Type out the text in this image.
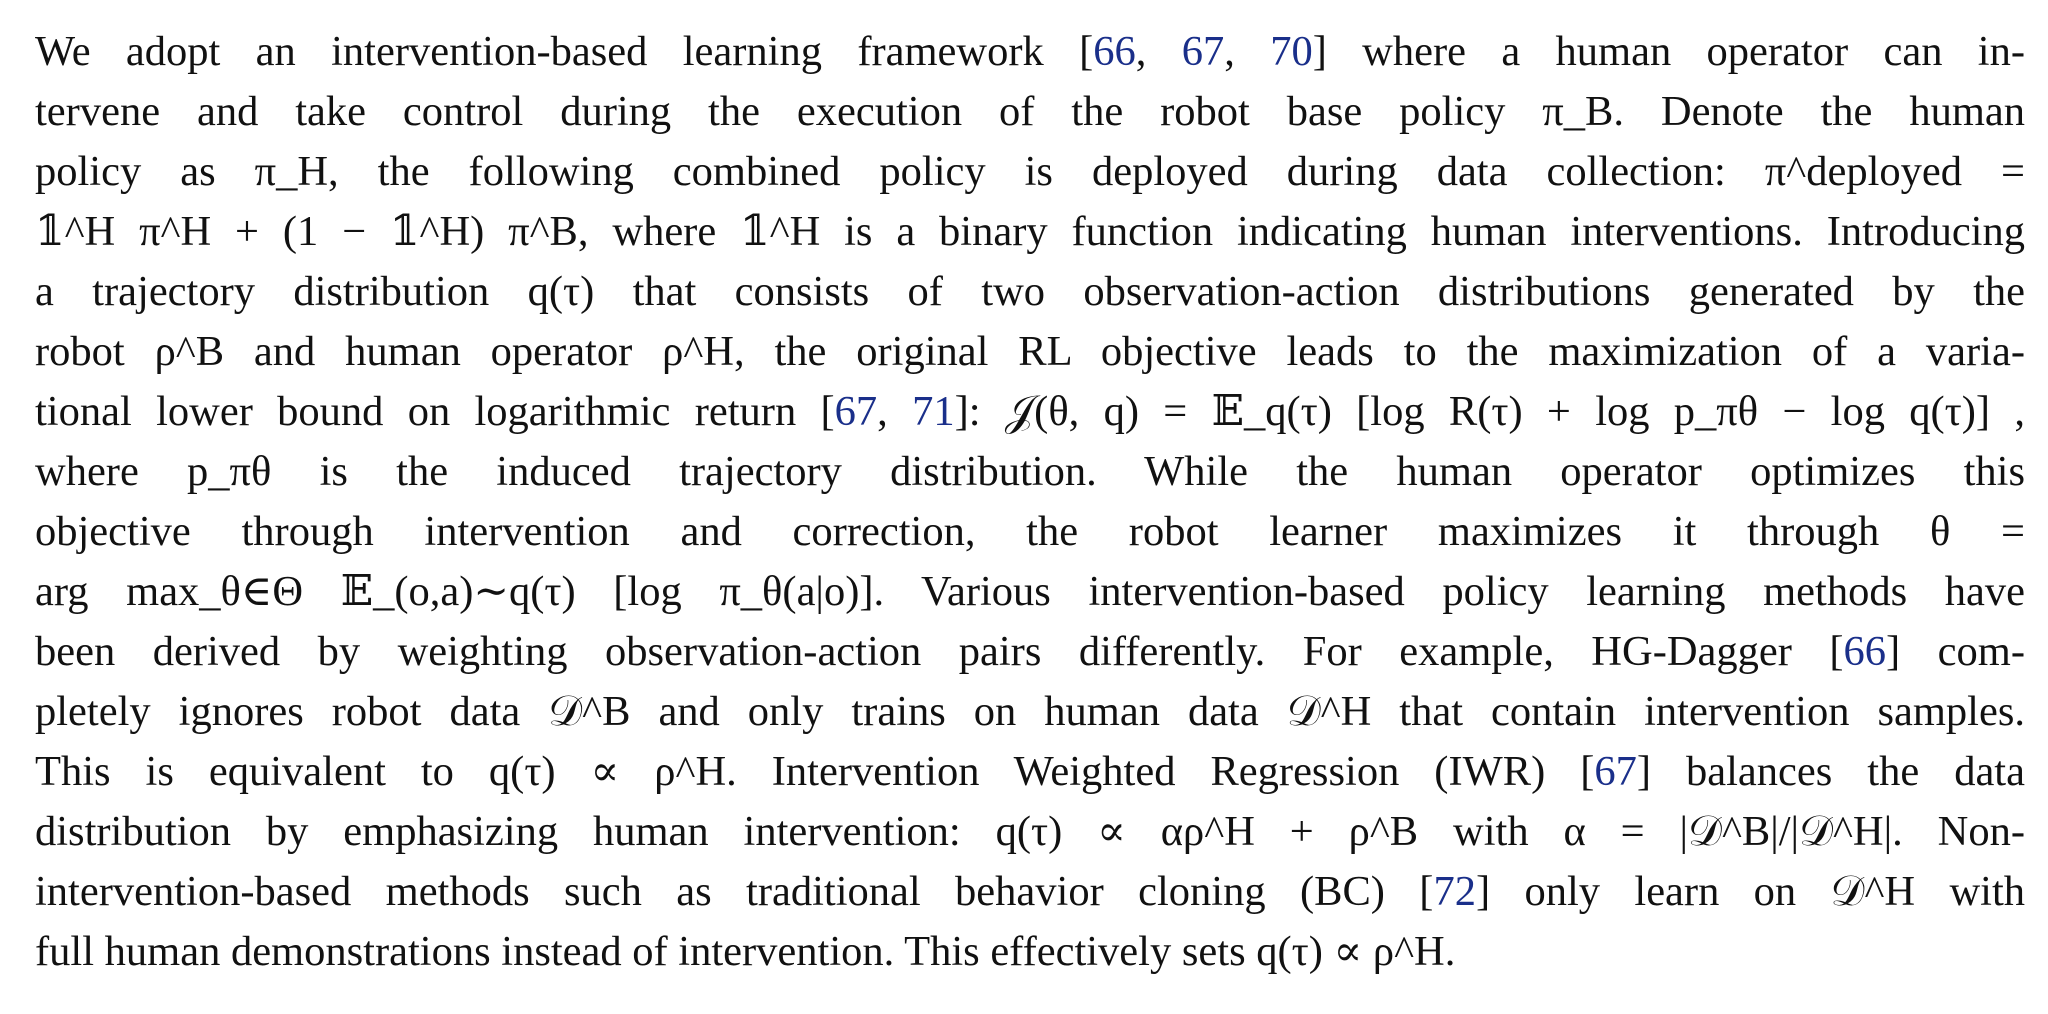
We adopt an intervention-based learning framework [66, 67, 70] where a human operator can in-
tervene and take control during the execution of the robot base policy π_B. Denote the human
policy as π_H, the following combined policy is deployed during data collection: π^deployed =
𝟙^H π^H + (1 − 𝟙^H) π^B, where 𝟙^H is a binary function indicating human interventions. Introducing
a trajectory distribution q(τ) that consists of two observation-action distributions generated by the
robot ρ^B and human operator ρ^H, the original RL objective leads to the maximization of a varia-
tional lower bound on logarithmic return [67, 71]: 𝒥(θ, q) = 𝔼_q(τ) [log R(τ) + log p_πθ − log q(τ)] ,
where p_πθ is the induced trajectory distribution. While the human operator optimizes this
objective through intervention and correction, the robot learner maximizes it through θ =
arg max_θ∈Θ 𝔼_(o,a)∼q(τ) [log π_θ(a|o)]. Various intervention-based policy learning methods have
been derived by weighting observation-action pairs differently. For example, HG-Dagger [66] com-
pletely ignores robot data 𝒟^B and only trains on human data 𝒟^H that contain intervention samples.
This is equivalent to q(τ) ∝ ρ^H. Intervention Weighted Regression (IWR) [67] balances the data
distribution by emphasizing human intervention: q(τ) ∝ αρ^H + ρ^B with α = |𝒟^B|/|𝒟^H|. Non-
intervention-based methods such as traditional behavior cloning (BC) [72] only learn on 𝒟^H with
full human demonstrations instead of intervention. This effectively sets q(τ) ∝ ρ^H.
